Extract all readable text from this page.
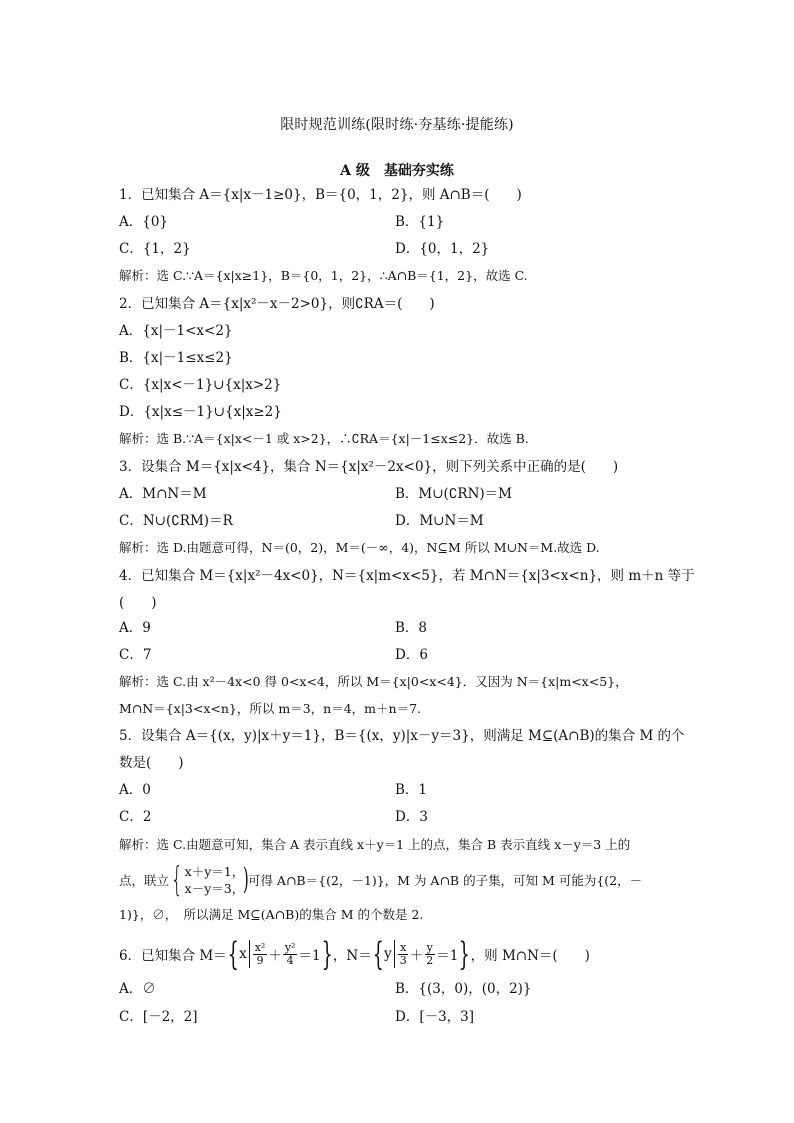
限时规范训练(限时练·夯基练·提能练)
A 级　基础夯实练
1．已知集合 A＝{x|x－1≥0}，B＝{0，1，2}，则 A∩B＝(　　)
A．{0}	B．{1}
C．{1，2}	D．{0，1，2}
解析：选 C.∵A＝{x|x≥1}，B＝{0，1，2}，∴A∩B＝{1，2}，故选 C.
2．已知集合 A＝{x|x²－x－2>0}，则∁RA＝(　　)
A．{x|－1<x<2}
B．{x|－1≤x≤2}
C．{x|x<－1}∪{x|x>2}
D．{x|x≤－1}∪{x|x≥2}
解析：选 B.∵A＝{x|x<－1 或 x>2}，∴∁RA＝{x|－1≤x≤2}．故选 B.
3．设集合 M＝{x|x<4}，集合 N＝{x|x²－2x<0}，则下列关系中正确的是(　　)
A．M∩N＝M	B．M∪(∁RN)＝M
C．N∪(∁RM)＝R	D．M∪N＝M
解析：选 D.由题意可得，N＝(0，2)，M＝(－∞，4)，N⊆M 所以 M∪N＝M.故选 D.
4．已知集合 M＝{x|x²－4x<0}，N＝{x|m<x<5}，若 M∩N＝{x|3<x<n}，则 m＋n 等于
(　　)
A．9	B．8
C．7	D．6
解析：选 C.由 x²－4x<0 得 0<x<4，所以 M＝{x|0<x<4}．又因为 N＝{x|m<x<5}，
M∩N＝{x|3<x<n}，所以 m＝3，n＝4，m＋n＝7.
5．设集合 A＝{(x，y)|x＋y＝1}，B＝{(x，y)|x－y＝3}，则满足 M⊆(A∩B)的集合 M 的个
数是(　　)
A．0	B．1
C．2	D．3
解析：选 C.由题意可知，集合 A 表示直线 x＋y＝1 上的点，集合 B 表示直线 x－y＝3 上的
点，联立 { x＋y＝1，
x－y＝3，
)
可得 A∩B＝{(2，－1)}，M 为 A∩B 的子集，可知 M 可能为{(2，－
1)}，∅，　所以满足 M⊆(A∩B)的集合 M 的个数是 2.
6．已知集合 M＝ { x $\frac{\text{x²}}{9} + \frac{\text{y²}}{4} =1$ } ，N＝ { y $\frac{x}{3} + \frac{y}{2} =1$ } ，则 M∩N＝(　　)
A．∅	B．{(3，0)，(0，2)}
C．[－2，2]	D．[－3，3]
